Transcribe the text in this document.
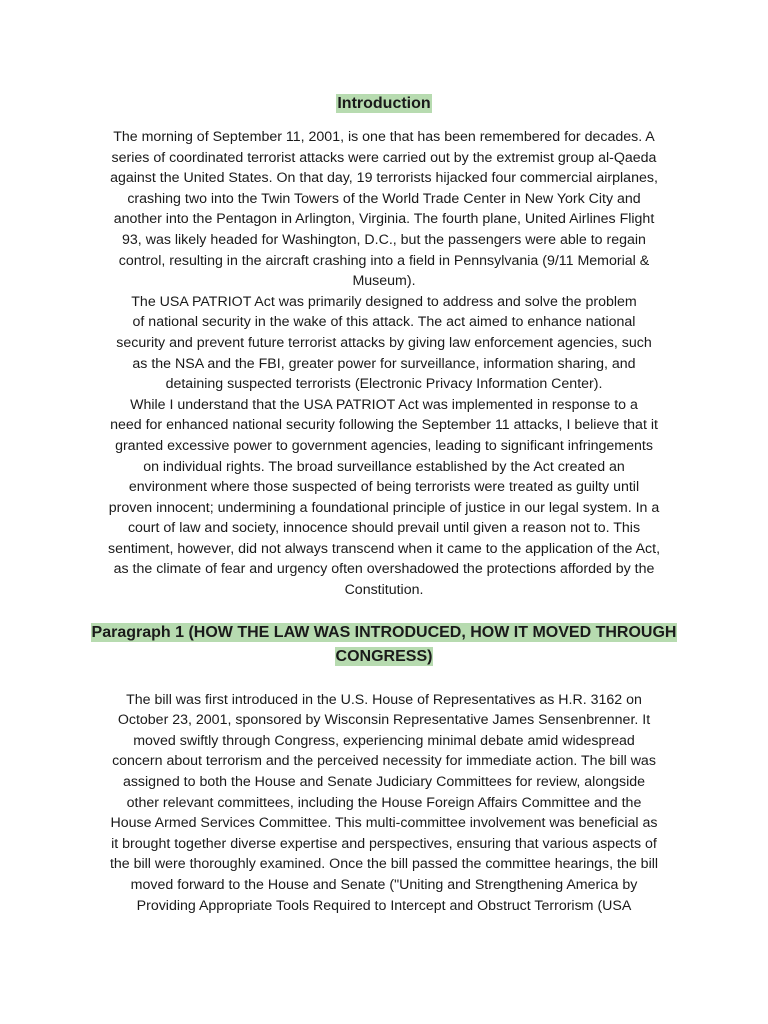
Introduction

The morning of September 11, 2001, is one that has been remembered for decades. A
series of coordinated terrorist attacks were carried out by the extremist group al-Qaeda
against the United States. On that day, 19 terrorists hijacked four commercial airplanes,
crashing two into the Twin Towers of the World Trade Center in New York City and
another into the Pentagon in Arlington, Virginia. The fourth plane, United Airlines Flight
93, was likely headed for Washington, D.C., but the passengers were able to regain
control, resulting in the aircraft crashing into a field in Pennsylvania (9/11 Memorial &
Museum).

The USA PATRIOT Act was primarily designed to address and solve the problem
of national security in the wake of this attack. The act aimed to enhance national
security and prevent future terrorist attacks by giving law enforcement agencies, such
as the NSA and the FBI, greater power for surveillance, information sharing, and
detaining suspected terrorists (Electronic Privacy Information Center).

While I understand that the USA PATRIOT Act was implemented in response to a
need for enhanced national security following the September 11 attacks, I believe that it
granted excessive power to government agencies, leading to significant infringements
on individual rights. The broad surveillance established by the Act created an
environment where those suspected of being terrorists were treated as guilty until
proven innocent; undermining a foundational principle of justice in our legal system. In a
court of law and society, innocence should prevail until given a reason not to. This
sentiment, however, did not always transcend when it came to the application of the Act,
as the climate of fear and urgency often overshadowed the protections afforded by the
Constitution.

Paragraph 1 (HOW THE LAW WAS INTRODUCED, HOW IT MOVED THROUGH CONGRESS)

The bill was first introduced in the U.S. House of Representatives as H.R. 3162 on
October 23, 2001, sponsored by Wisconsin Representative James Sensenbrenner. It
moved swiftly through Congress, experiencing minimal debate amid widespread
concern about terrorism and the perceived necessity for immediate action. The bill was
assigned to both the House and Senate Judiciary Committees for review, alongside
other relevant committees, including the House Foreign Affairs Committee and the
House Armed Services Committee. This multi-committee involvement was beneficial as
it brought together diverse expertise and perspectives, ensuring that various aspects of
the bill were thoroughly examined. Once the bill passed the committee hearings, the bill
moved forward to the House and Senate ("Uniting and Strengthening America by
Providing Appropriate Tools Required to Intercept and Obstruct Terrorism (USA
